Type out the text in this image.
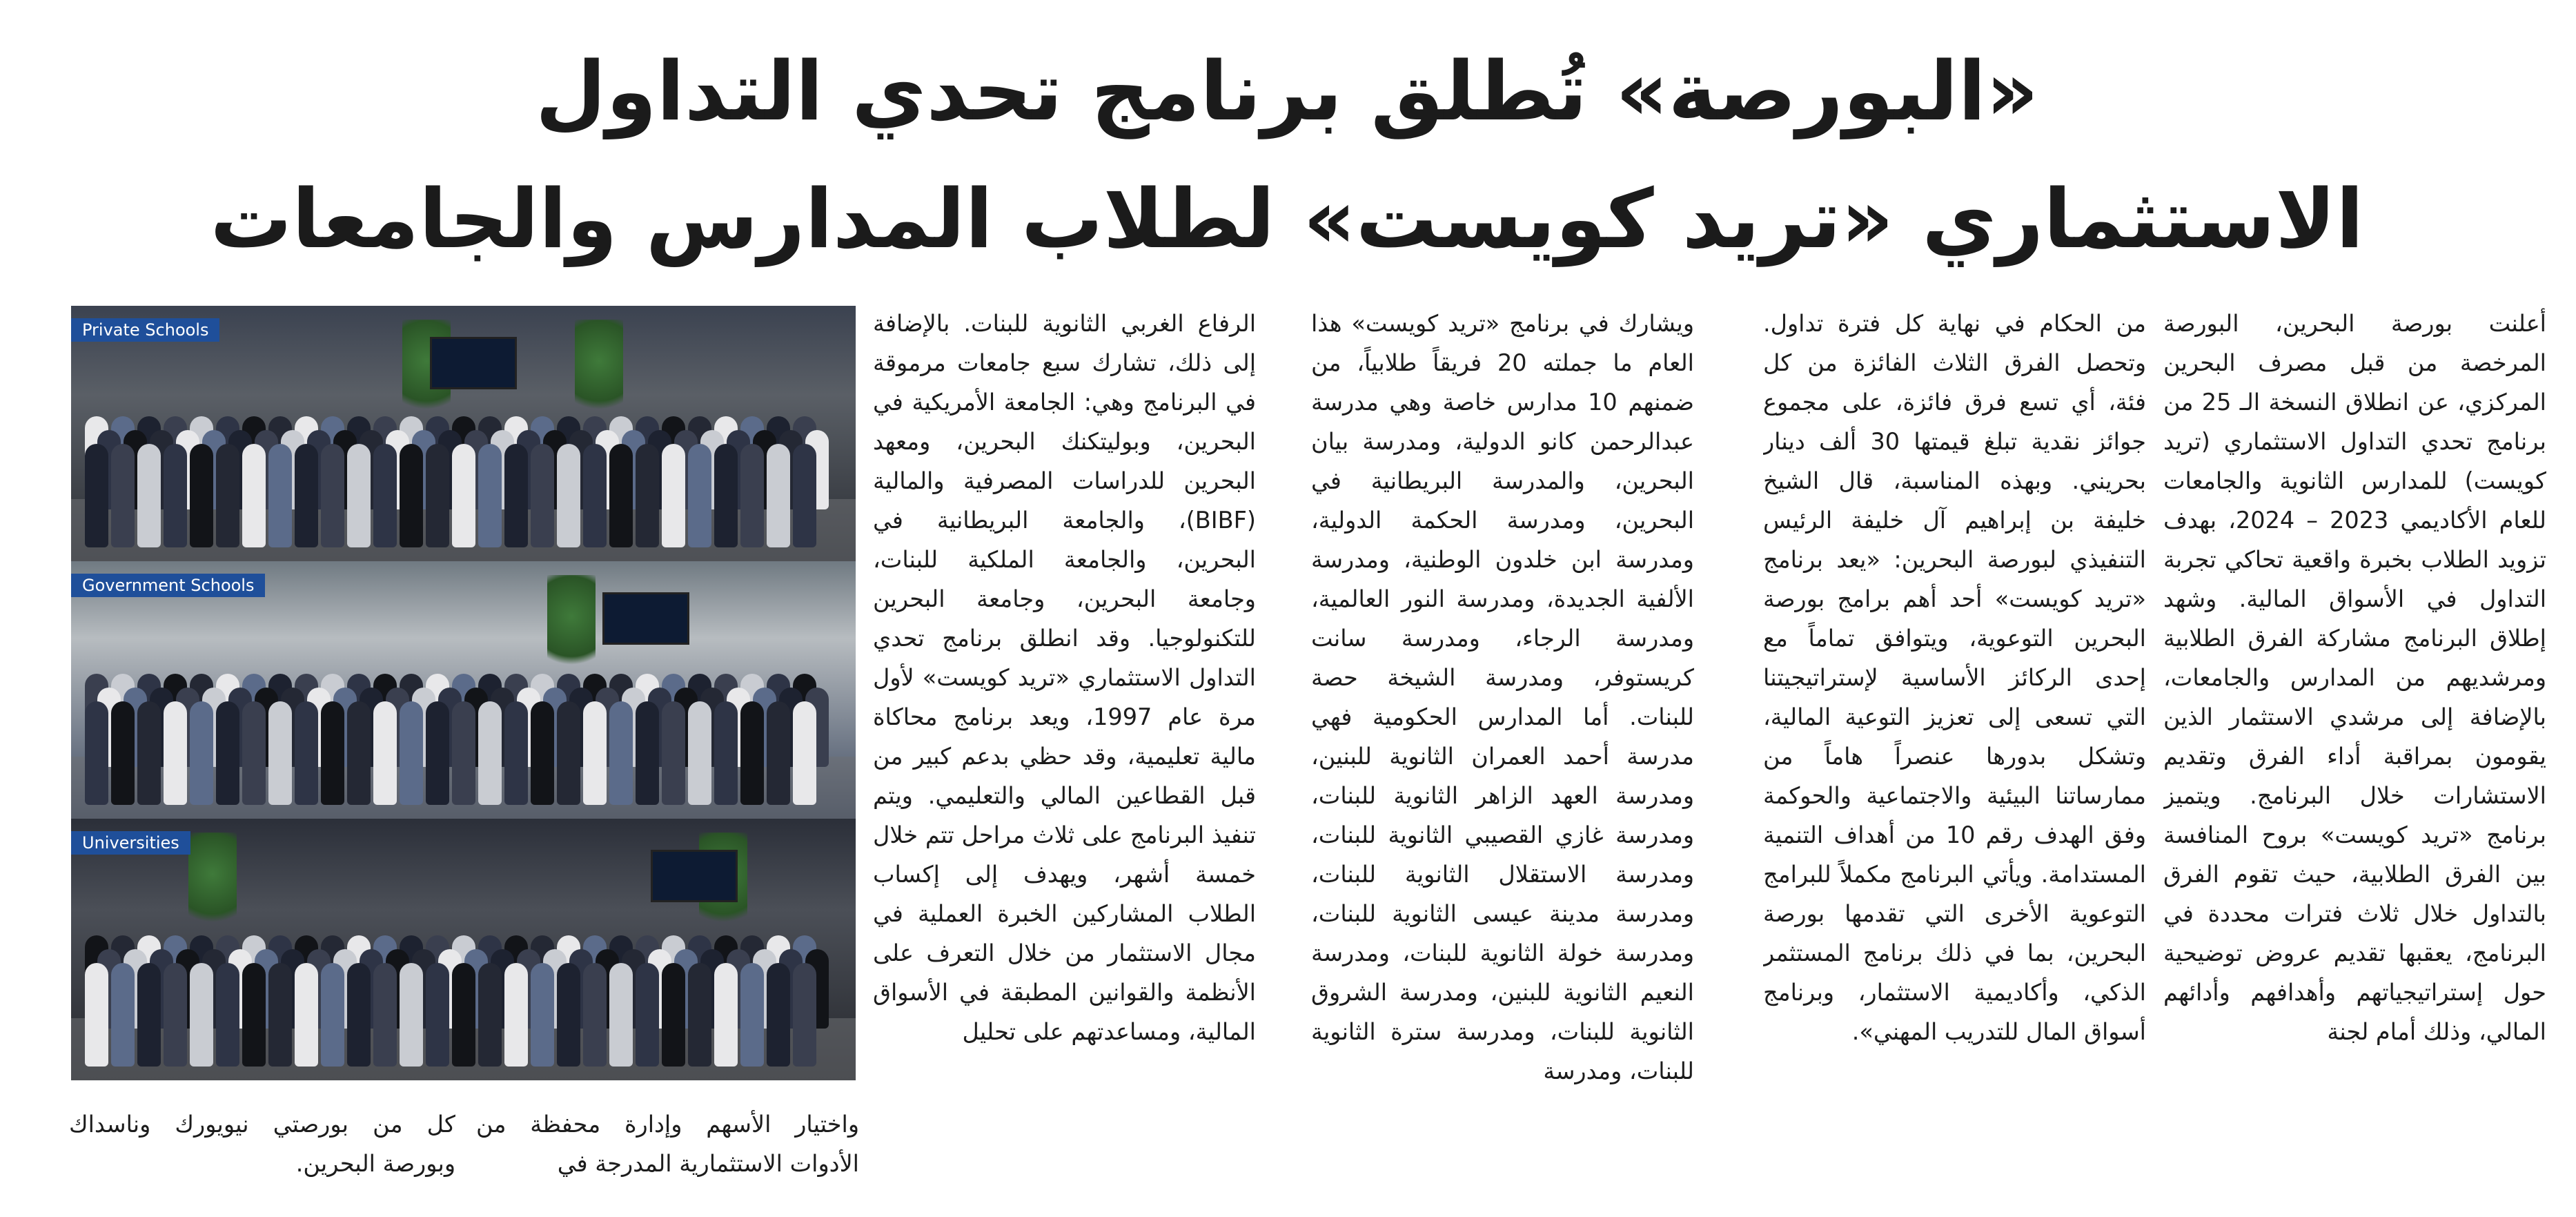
«البورصة» تُطلق برنامج تحدي التداول
الاستثماري «تريد كويست» لطلاب المدارس والجامعات

أعلنت بورصة البحرين، البورصة المرخصة من قبل مصرف البحرين المركزي، عن انطلاق النسخة الـ 25 من برنامج تحدي التداول الاستثماري (تريد كويست) للمدارس الثانوية والجامعات للعام الأكاديمي 2023 – 2024، بهدف تزويد الطلاب بخبرة واقعية تحاكي تجربة التداول في الأسواق المالية. وشهد إطلاق البرنامج مشاركة الفرق الطلابية ومرشديهم من المدارس والجامعات، بالإضافة إلى مرشدي الاستثمار الذين يقومون بمراقبة أداء الفرق وتقديم الاستشارات خلال البرنامج. ويتميز برنامج «تريد كويست» بروح المنافسة بين الفرق الطلابية، حيث تقوم الفرق بالتداول خلال ثلاث فترات محددة في البرنامج، يعقبها تقديم عروض توضيحية حول إستراتيجياتهم وأهدافهم وأدائهم المالي، وذلك أمام لجنة

من الحكام في نهاية كل فترة تداول. وتحصل الفرق الثلاث الفائزة من كل فئة، أي تسع فرق فائزة، على مجموع جوائز نقدية تبلغ قيمتها 30 ألف دينار بحريني. وبهذه المناسبة، قال الشيخ خليفة بن إبراهيم آل خليفة الرئيس التنفيذي لبورصة البحرين: «يعد برنامج «تريد كويست» أحد أهم برامج بورصة البحرين التوعوية، ويتوافق تماماً مع إحدى الركائز الأساسية لإستراتيجيتنا التي تسعى إلى تعزيز التوعية المالية، وتشكل بدورها عنصراً هاماً من ممارساتنا البيئية والاجتماعية والحوكمة وفق الهدف رقم 10 من أهداف التنمية المستدامة. ويأتي البرنامج مكملاً للبرامج التوعوية الأخرى التي تقدمها بورصة البحرين، بما في ذلك برنامج المستثمر الذكي، وأكاديمية الاستثمار، وبرنامج أسواق المال للتدريب المهني».

ويشارك في برنامج «تريد كويست» هذا العام ما جملته 20 فريقاً طلابياً، من ضمنهم 10 مدارس خاصة وهي مدرسة عبدالرحمن كانو الدولية، ومدرسة بيان البحرين، والمدرسة البريطانية في البحرين، ومدرسة الحكمة الدولية، ومدرسة ابن خلدون الوطنية، ومدرسة الألفية الجديدة، ومدرسة النور العالمية، ومدرسة الرجاء، ومدرسة سانت كريستوفر، ومدرسة الشيخة حصة للبنات. أما المدارس الحكومية فهي مدرسة أحمد العمران الثانوية للبنين، ومدرسة العهد الزاهر الثانوية للبنات، ومدرسة غازي القصيبي الثانوية للبنات، ومدرسة الاستقلال الثانوية للبنات، ومدرسة مدينة عيسى الثانوية للبنات، ومدرسة خولة الثانوية للبنات، ومدرسة النعيم الثانوية للبنين، ومدرسة الشروق الثانوية للبنات، ومدرسة سترة الثانوية للبنات، ومدرسة

الرفاع الغربي الثانوية للبنات. بالإضافة إلى ذلك، تشارك سبع جامعات مرموقة في البرنامج وهي: الجامعة الأمريكية في البحرين، وبوليتكنك البحرين، ومعهد البحرين للدراسات المصرفية والمالية (BIBF)، والجامعة البريطانية في البحرين، والجامعة الملكية للبنات، وجامعة البحرين، وجامعة البحرين للتكنولوجيا. وقد انطلق برنامج تحدي التداول الاستثماري «تريد كويست» لأول مرة عام 1997، ويعد برنامج محاكاة مالية تعليمية، وقد حظي بدعم كبير من قبل القطاعين المالي والتعليمي. ويتم تنفيذ البرنامج على ثلاث مراحل تتم خلال خمسة أشهر، ويهدف إلى إكساب الطلاب المشاركين الخبرة العملية في مجال الاستثمار من خلال التعرف على الأنظمة والقوانين المطبقة في الأسواق المالية، ومساعدتهم على تحليل

Private Schools
Government Schools
Universities

واختيار الأسهم وإدارة محفظة من الأدوات الاستثمارية المدرجة في

كل من بورصتي نيويورك وناسداك وبورصة البحرين.
